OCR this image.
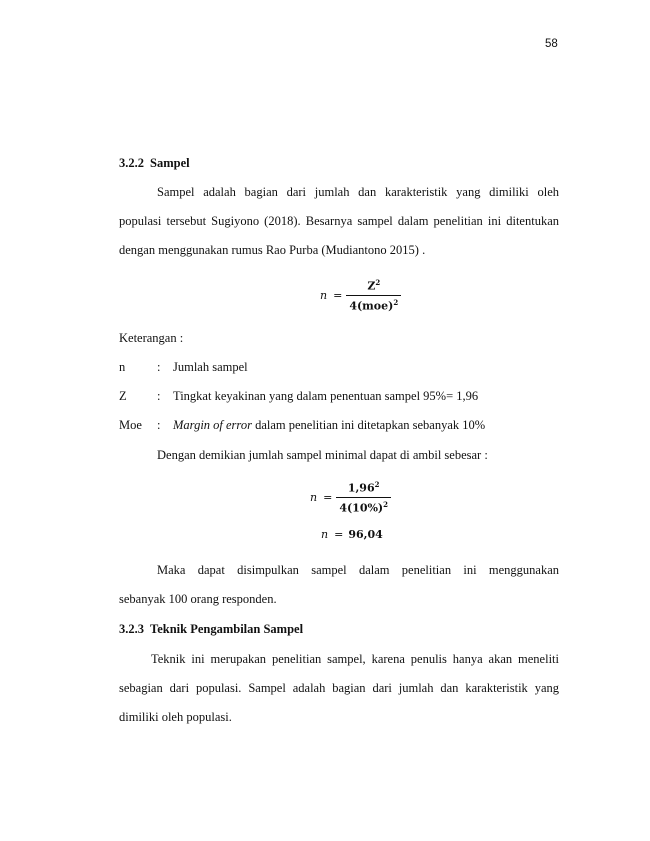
58
3.2.2 Sampel
Sampel adalah bagian dari jumlah dan karakteristik yang dimiliki oleh
populasi tersebut Sugiyono (2018). Besarnya sampel dalam penelitian ini ditentukan
dengan menggunakan rumus Rao Purba (Mudiantono 2015) .
$n = \frac{Z^2}{4(moe)^2}$
Keterangan :
n	:	Jumlah sampel
Z	:	Tingkat keyakinan yang dalam penentuan sampel 95%= 1,96
Moe	:	Margin of error dalam penelitian ini ditetapkan sebanyak 10%
Dengan demikian jumlah sampel minimal dapat di ambil sebesar :
$n = \frac{1,96^2}{4(10\%)^2}$
n = 96,04
Maka dapat disimpulkan sampel dalam penelitian ini menggunakan
sebanyak 100 orang responden.
3.2.3 Teknik Pengambilan Sampel
Teknik ini merupakan penelitian sampel, karena penulis hanya akan meneliti
sebagian dari populasi. Sampel adalah bagian dari jumlah dan karakteristik yang
dimiliki oleh populasi.
